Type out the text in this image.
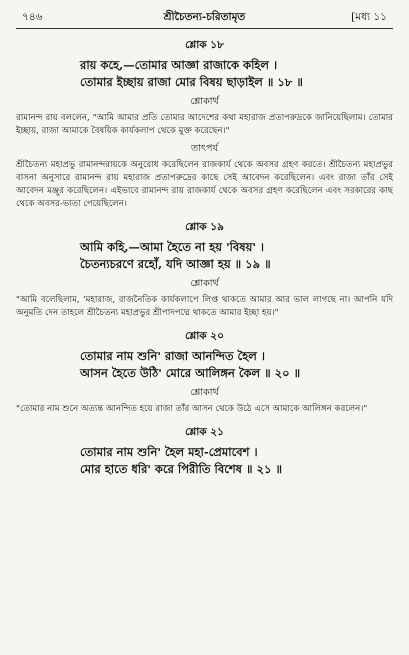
৭৪৬	শ্রীচৈতন্য-চরিতামৃত	[মধ্য ১১
শ্লোক ১৮
রায় কহে,—তোমার আজ্ঞা রাজাকে কহিল ।
তোমার ইচ্ছায় রাজা মোর বিষয় ছাড়াইল ॥ ১৮ ॥
শ্লোকার্থ

রামানন্দ রায় বললেন, "আমি আমার প্রতি তোমার আদেশের কথা মহারাজ প্রতাপরুদ্রকে জানিয়েছিলাম। তোমার ইচ্ছায়, রাজা আমাকে বৈষয়িক কার্যকলাপ থেকে মুক্ত করেছেন।"

তাৎপর্য

শ্রীচৈতন্য মহাপ্রভু রামানন্দরায়কে অনুরোধ করেছিলেন রাজকার্য থেকে অবসর গ্রহণ করতে। শ্রীচৈতন্য মহাপ্রভুর বাসনা অনুসারে রামানন্দ রায় মহারাজ প্রতাপরুদ্রের কাছে সেই আবেদন করেছিলেন। এবং রাজা তাঁর সেই আবেদন মঞ্জুর করেছিলেন। এইভাবে রামানন্দ রায় রাজকার্য থেকে অবসর গ্রহণ করেছিলেন এবং সরকারের কাছ থেকে অবসর-ভাতা পেয়েছিলেন।

শ্লোক ১৯
আমি কহি,—আমা হৈতে না হয় 'বিষয়' ।
চৈতন্যচরণে রহোঁ, যদি আজ্ঞা হয় ॥ ১৯ ॥
শ্লোকার্থ

"আমি বলেছিলাম, 'মহারাজ, রাজনৈতিক কার্যকলাপে লিপ্ত থাকতে আমার আর ভাল লাগছে না। আপনি যদি অনুমতি দেন তাহলে শ্রীচৈতন্য মহাপ্রভুর শ্রীপাদপদ্মে থাকতে আমার ইচ্ছা হয়।"

শ্লোক ২০
তোমার নাম শুনি' রাজা আনন্দিত হৈল ।
আসন হৈতে উঠি' মোরে আলিঙ্গন কৈল ॥ ২০ ॥
শ্লোকার্থ

"তোমার নাম শুনে অত্যন্ত আনন্দিত হয়ে রাজা তাঁর আসন থেকে উঠে এসে আমাকে আলিঙ্গন করলেন।"

শ্লোক ২১
তোমার নাম শুনি' হৈল মহা-প্রেমাবেশ ।
মোর হাতে ধরি' করে পিরীতি বিশেষ ॥ ২১ ॥
